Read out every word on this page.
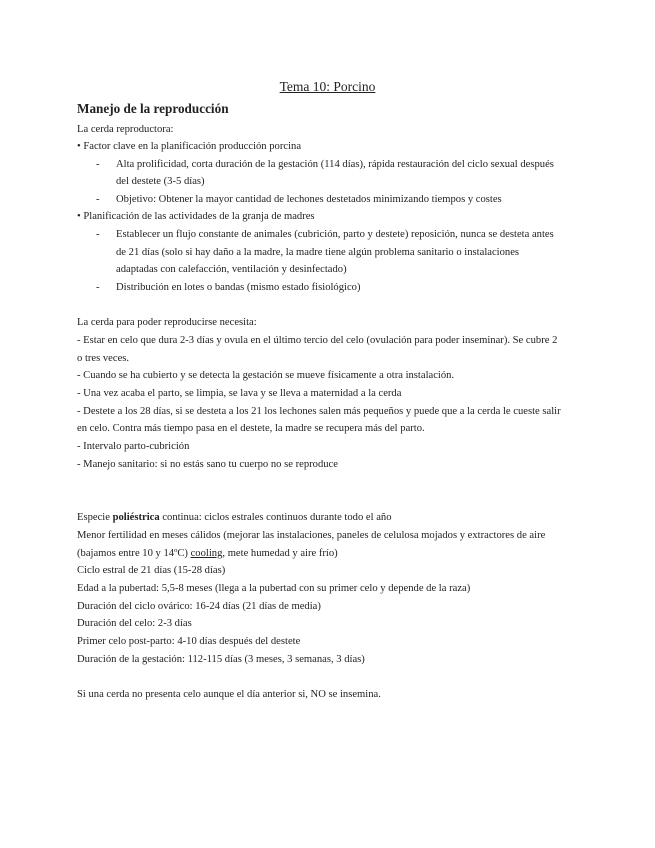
Tema 10: Porcino
Manejo de la reproducción
La cerda reproductora:
• Factor clave en la planificación producción porcina
- Alta prolificidad, corta duración de la gestación (114 días), rápida restauración del ciclo sexual después
del destete (3-5 días)
- Objetivo: Obtener la mayor cantidad de lechones destetados minimizando tiempos y costes
• Planificación de las actividades de la granja de madres
- Establecer un flujo constante de animales (cubrición, parto y destete) reposición, nunca se desteta antes
de 21 días (solo si hay daño a la madre, la madre tiene algún problema sanitario o instalaciones
adaptadas con calefacción, ventilación y desinfectado)
- Distribución en lotes o bandas (mismo estado fisiológico)
La cerda para poder reproducirse necesita:
- Estar en celo que dura 2-3 días y ovula en el último tercio del celo (ovulación para poder inseminar). Se cubre 2
o tres veces.
- Cuando se ha cubierto y se detecta la gestación se mueve físicamente a otra instalación.
- Una vez acaba el parto, se limpia, se lava y se lleva a maternidad a la cerda
- Destete a los 28 días, si se desteta a los 21 los lechones salen más pequeños y puede que a la cerda le cueste salir
en celo. Contra más tiempo pasa en el destete, la madre se recupera más del parto.
- Intervalo parto-cubrición
- Manejo sanitario: si no estás sano tu cuerpo no se reproduce
Especie poliéstrica continua: ciclos estrales continuos durante todo el año
Menor fertilidad en meses cálidos (mejorar las instalaciones, paneles de celulosa mojados y extractores de aire
(bajamos entre 10 y 14ºC) cooling, mete humedad y aire frío)
Ciclo estral de 21 días (15-28 días)
Edad a la pubertad: 5,5-8 meses (llega a la pubertad con su primer celo y depende de la raza)
Duración del ciclo ovárico: 16-24 días (21 días de media)
Duración del celo: 2-3 días
Primer celo post-parto: 4-10 días después del destete
Duración de la gestación: 112-115 días (3 meses, 3 semanas, 3 días)
Si una cerda no presenta celo aunque el día anterior si, NO se insemina.
